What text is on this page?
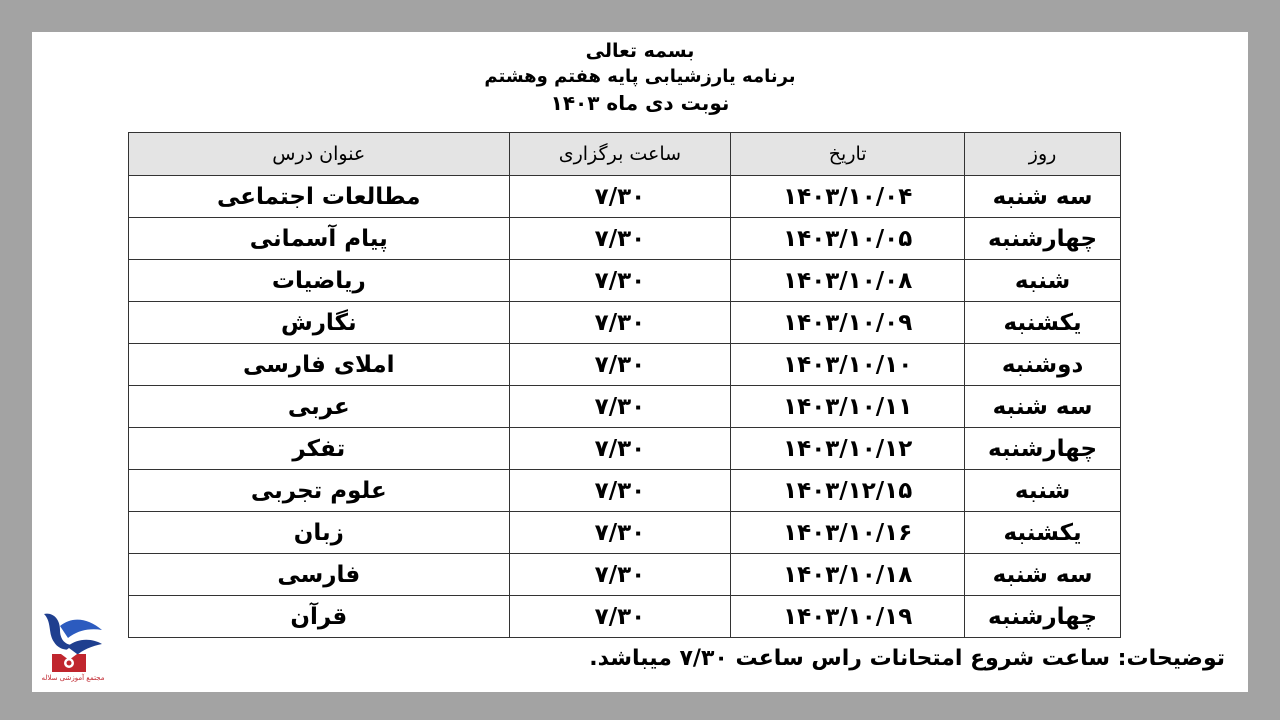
بسمه تعالی
برنامه یارزشیابی پایه هفتم وهشتم
نوبت دی ماه ۱۴۰۳
روز	تاریخ	ساعت برگزاری	عنوان درس
سه شنبه	۱۴۰۳/۱۰/۰۴	۷/۳۰	مطالعات اجتماعی
چهارشنبه	۱۴۰۳/۱۰/۰۵	۷/۳۰	پیام آسمانی
شنبه	۱۴۰۳/۱۰/۰۸	۷/۳۰	ریاضیات
یکشنبه	۱۴۰۳/۱۰/۰۹	۷/۳۰	نگارش
دوشنبه	۱۴۰۳/۱۰/۱۰	۷/۳۰	املای فارسی
سه شنبه	۱۴۰۳/۱۰/۱۱	۷/۳۰	عربی
چهارشنبه	۱۴۰۳/۱۰/۱۲	۷/۳۰	تفکر
شنبه	۱۴۰۳/۱۲/۱۵	۷/۳۰	علوم تجربی
یکشنبه	۱۴۰۳/۱۰/۱۶	۷/۳۰	زبان
سه شنبه	۱۴۰۳/۱۰/۱۸	۷/۳۰	فارسی
چهارشنبه	۱۴۰۳/۱۰/۱۹	۷/۳۰	قرآن
توضیحات: ساعت شروع امتحانات راس ساعت ۷/۳۰ میباشد.
مجتمع آموزشی سلاله
